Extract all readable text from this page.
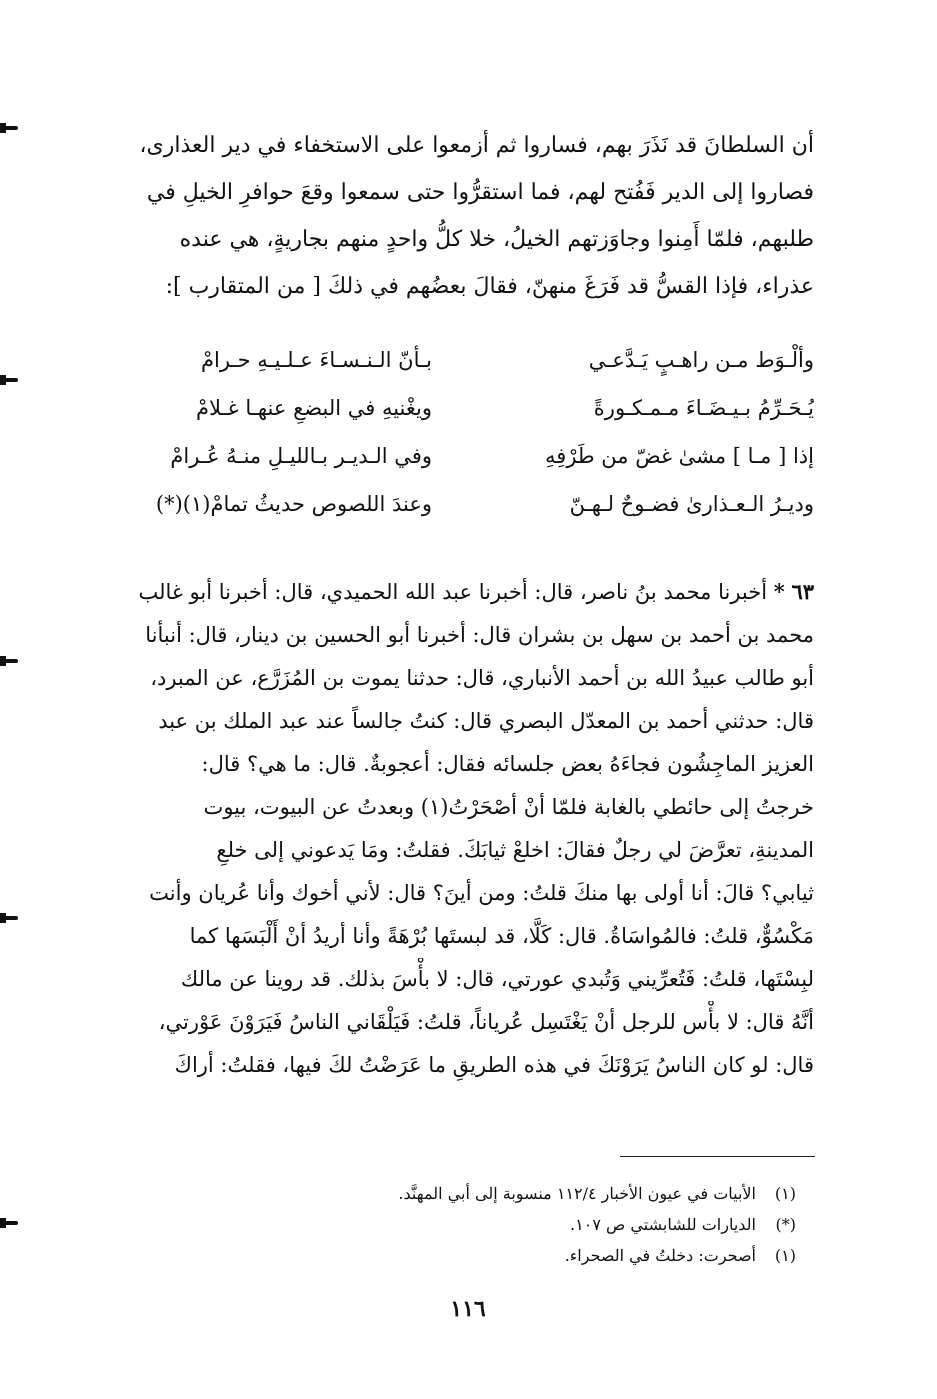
أن السلطانَ قد نَذَرَ بهم، فساروا ثم أزمعوا على الاستخفاء في دير العذارى،
فصاروا إلى الدير فَفُتح لهم، فما استقرُّوا حتى سمعوا وقعَ حوافرِ الخيلِ في
طلبهم، فلمّا أَمِنوا وجاوَزتهم الخيلُ، خلا كلُّ واحدٍ منهم بجاريةٍ، هي عنده
عذراء، فإذا القسُّ قد فَرَغَ منهنّ، فقالَ بعضُهم في ذلكَ [ من المتقارب ]:
وألْـوَط مـن راهـبٍ يَـدَّعـي
بـأنّ الـنـسـاءَ عـلـيـهِ حـرامْ
يُـحَـرِّمُ بـيـضَـاءَ مـمـكـورةً
ويغْنيهِ في البضعِ عنهـا غـلامْ
إذا [ مـا ] مشىٰ غضّ من طَرْفِهِ
وفي الـديـر بـالليـلِ منـهُ عُـرامْ
وديـرُ الـعـذارىٰ فضـوحٌ لـهـنّ
وعندَ اللصوص حديثُ تمامْ(١)(*)
٦٣ * أخبرنا محمد بنُ ناصر، قال: أخبرنا عبد الله الحميدي، قال: أخبرنا أبو غالب
محمد بن أحمد بن سهل بن بشران قال: أخبرنا أبو الحسين بن دينار، قال: أنبأنا
أبو طالب عبيدُ الله بن أحمد الأنباري، قال: حدثنا يموت بن المُزَرَّع، عن المبرد،
قال: حدثني أحمد بن المعدّل البصري قال: كنتُ جالساً عند عبد الملك بن عبد
العزيز الماجِشُون فجاءَهُ بعض جلسائه فقال: أعجوبةٌ. قال: ما هي؟ قال:
خرجتُ إلى حائطي بالغابة فلمّا أنْ أصْحَرْتُ(١) وبعدتُ عن البيوت، بيوت
المدينةِ، تعرَّضَ لي رجلٌ فقالَ: اخلعْ ثيابَكَ. فقلتُ: ومَا يَدعوني إلى خلعِ
ثيابي؟ قالَ: أنا أولى بها منكَ قلتُ: ومن أينَ؟ قال: لأني أخوك وأنا عُريان وأنت
مَكْسُوٌّ، قلتُ: فالمُواسَاةُ. قال: كَلَّا، قد لبستَها بُرْهَةً وأنا أريدُ أنْ أَلْبَسَها كما
لبِسْتَها، قلتُ: فَتُعرِّيني وَتُبدي عورتي، قال: لا بأْسَ بذلك. قد روينا عن مالك
أنَّهُ قال: لا بأْس للرجل أنْ يَغْتَسِل عُرياناً، قلتُ: فَيَلْقَاني الناسُ فَيَرَوْنَ عَوْرتي،
قال: لو كان الناسُ يَرَوْنَكَ في هذه الطريقِ ما عَرَضْتُ لكَ فيها، فقلتُ: أراكَ
(١)الأبيات في عيون الأخبار ١١٢/٤ منسوبة إلى أبي المهنَّد.
(*)الديارات للشابشتي ص ١٠٧.
(١)أصحرت: دخلتُ في الصحراء.
١١٦
